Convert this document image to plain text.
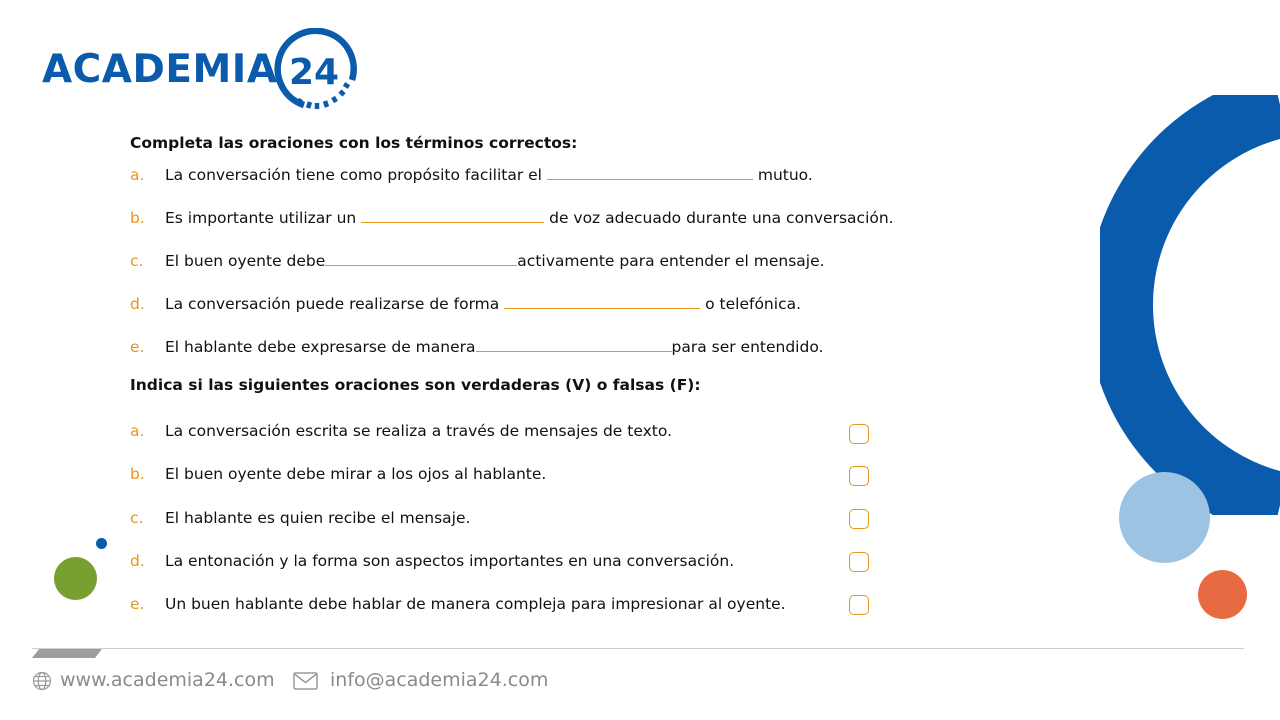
ACADEMIA 24
Completa las oraciones con los términos correctos:
a. La conversación tiene como propósito facilitar el	mutuo.
b. Es importante utilizar un	de voz adecuado durante una conversación.
c. El buen oyente debe	activamente para entender el mensaje.
d. La conversación puede realizarse de forma	o telefónica.
e. El hablante debe expresarse de manera	para ser entendido.
Indica si las siguientes oraciones son verdaderas (V) o falsas (F):
a. La conversación escrita se realiza a través de mensajes de texto.
b. El buen oyente debe mirar a los ojos al hablante.
c. El hablante es quien recibe el mensaje.
d. La entonación y la forma son aspectos importantes en una conversación.
e. Un buen hablante debe hablar de manera compleja para impresionar al oyente.
www.academia24.com	info@academia24.com
